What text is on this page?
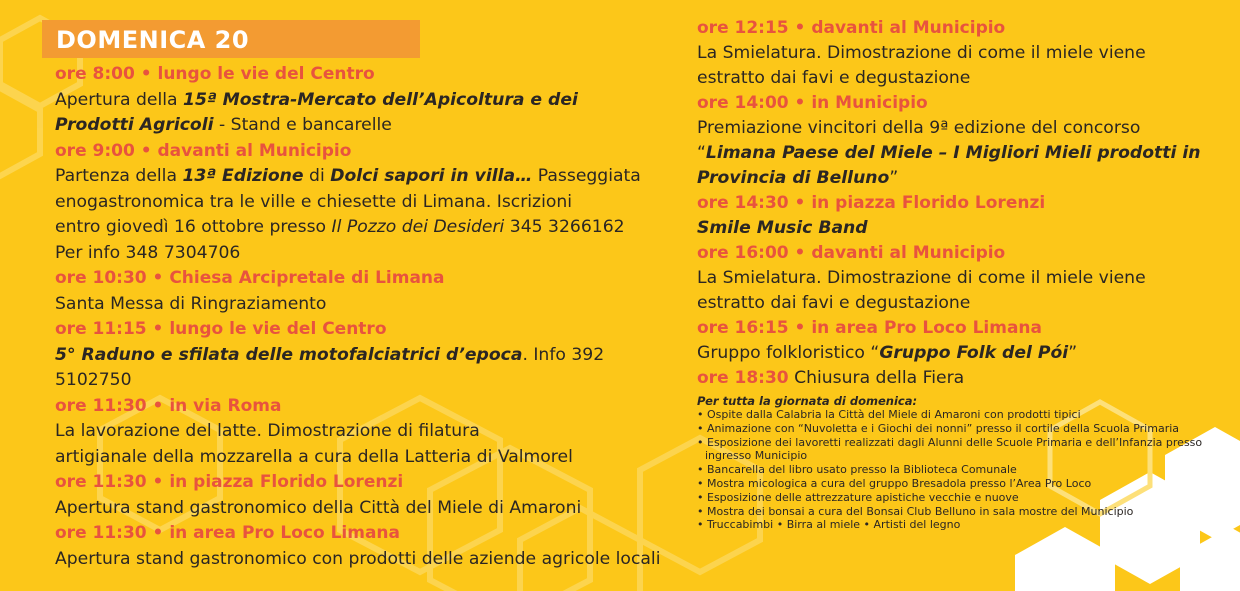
DOMENICA 20
ore 8:00 • lungo le vie del Centro
Apertura della 15ª Mostra-Mercato dell’Apicoltura e dei
Prodotti Agricoli - Stand e bancarelle
ore 9:00 • davanti al Municipio
Partenza della 13ª Edizione di Dolci sapori in villa… Passeggiata
enogastronomica tra le ville e chiesette di Limana. Iscrizioni
entro giovedì 16 ottobre presso Il Pozzo dei Desideri 345 3266162
Per info 348 7304706
ore 10:30 • Chiesa Arcipretale di Limana
Santa Messa di Ringraziamento
ore 11:15 • lungo le vie del Centro
5° Raduno e sfilata delle motofalciatrici d’epoca. Info 392 5102750
ore 11:30 • in via Roma
La lavorazione del latte. Dimostrazione di filatura
artigianale della mozzarella a cura della Latteria di Valmorel
ore 11:30 • in piazza Florido Lorenzi
Apertura stand gastronomico della Città del Miele di Amaroni
ore 11:30 • in area Pro Loco Limana
Apertura stand gastronomico con prodotti delle aziende agricole locali
ore 12:15 • davanti al Municipio
La Smielatura. Dimostrazione di come il miele viene
estratto dai favi e degustazione
ore 14:00 • in Municipio
Premiazione vincitori della 9ª edizione del concorso
“Limana Paese del Miele – I Migliori Mieli prodotti in
Provincia di Belluno”
ore 14:30 • in piazza Florido Lorenzi
Smile Music Band
ore 16:00 • davanti al Municipio
La Smielatura. Dimostrazione di come il miele viene
estratto dai favi e degustazione
ore 16:15 • in area Pro Loco Limana
Gruppo folkloristico “Gruppo Folk del Pói”
ore 18:30 Chiusura della Fiera
Per tutta la giornata di domenica:
• Ospite dalla Calabria la Città del Miele di Amaroni con prodotti tipici
• Animazione con “Nuvoletta e i Giochi dei nonni” presso il cortile della Scuola Primaria
• Esposizione dei lavoretti realizzati dagli Alunni delle Scuole Primaria e dell’Infanzia presso ingresso Municipio
• Bancarella del libro usato presso la Biblioteca Comunale
• Mostra micologica a cura del gruppo Bresadola presso l’Area Pro Loco
• Esposizione delle attrezzature apistiche vecchie e nuove
• Mostra dei bonsai a cura del Bonsai Club Belluno in sala mostre del Municipio
• Truccabimbi • Birra al miele • Artisti del legno
